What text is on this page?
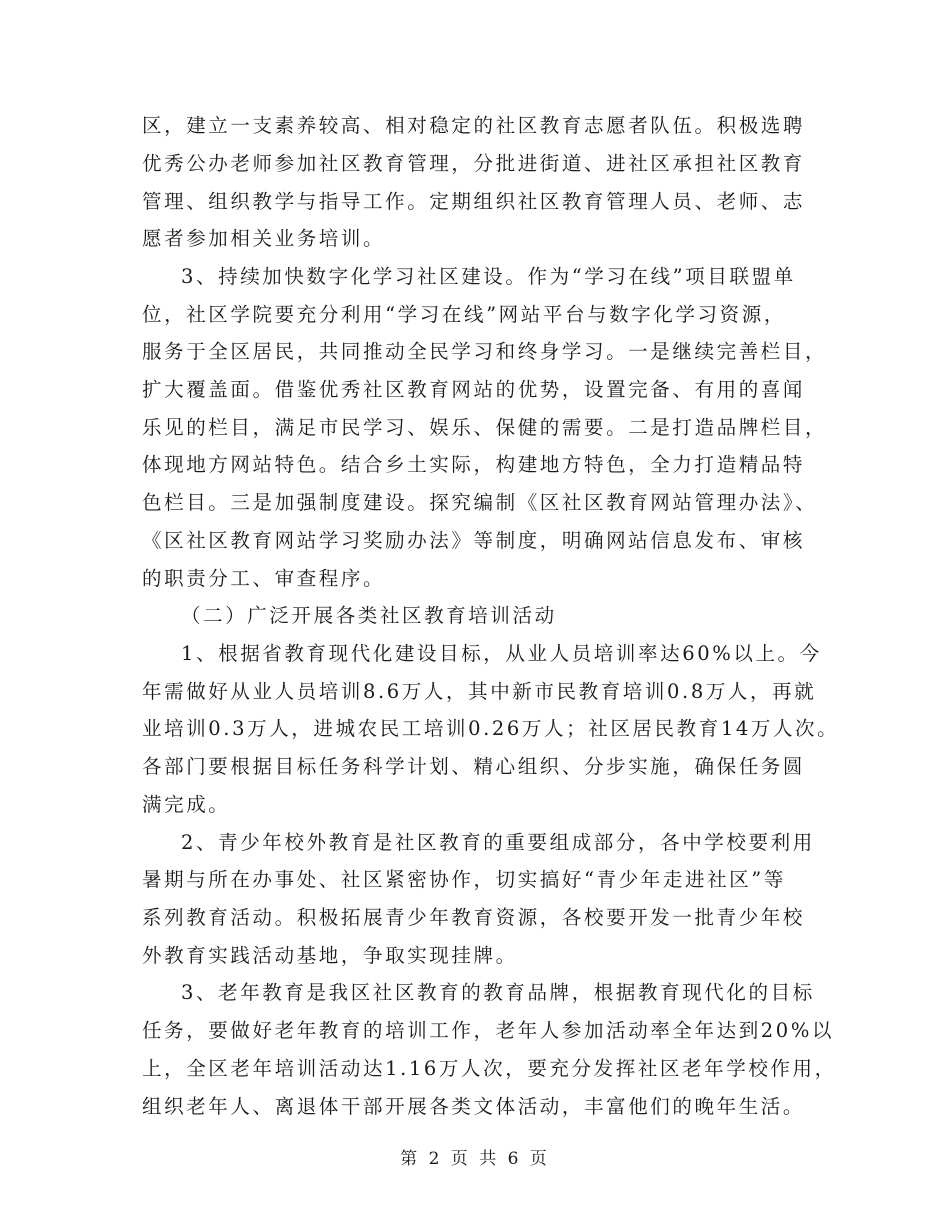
区，建立一支素养较高、相对稳定的社区教育志愿者队伍。积极选聘
优秀公办老师参加社区教育管理，分批进街道、进社区承担社区教育
管理、组织教学与指导工作。定期组织社区教育管理人员、老师、志
愿者参加相关业务培训。
3、持续加快数字化学习社区建设。作为“学习在线”项目联盟单
位，社区学院要充分利用“学习在线”网站平台与数字化学习资源，
服务于全区居民，共同推动全民学习和终身学习。一是继续完善栏目，
扩大覆盖面。借鉴优秀社区教育网站的优势，设置完备、有用的喜闻
乐见的栏目，满足市民学习、娱乐、保健的需要。二是打造品牌栏目，
体现地方网站特色。结合乡土实际，构建地方特色，全力打造精品特
色栏目。三是加强制度建设。探究编制《区社区教育网站管理办法》、
《区社区教育网站学习奖励办法》等制度，明确网站信息发布、审核
的职责分工、审查程序。
（二）广泛开展各类社区教育培训活动
1、根据省教育现代化建设目标，从业人员培训率达60%以上。今
年需做好从业人员培训8.6万人，其中新市民教育培训0.8万人，再就
业培训0.3万人，进城农民工培训0.26万人；社区居民教育14万人次。
各部门要根据目标任务科学计划、精心组织、分步实施，确保任务圆
满完成。
2、青少年校外教育是社区教育的重要组成部分，各中学校要利用
暑期与所在办事处、社区紧密协作，切实搞好“青少年走进社区”等
系列教育活动。积极拓展青少年教育资源，各校要开发一批青少年校
外教育实践活动基地，争取实现挂牌。
3、老年教育是我区社区教育的教育品牌，根据教育现代化的目标
任务，要做好老年教育的培训工作，老年人参加活动率全年达到20%以
上，全区老年培训活动达1.16万人次，要充分发挥社区老年学校作用，
组织老年人、离退体干部开展各类文体活动，丰富他们的晚年生活。
第 2 页 共 6 页
